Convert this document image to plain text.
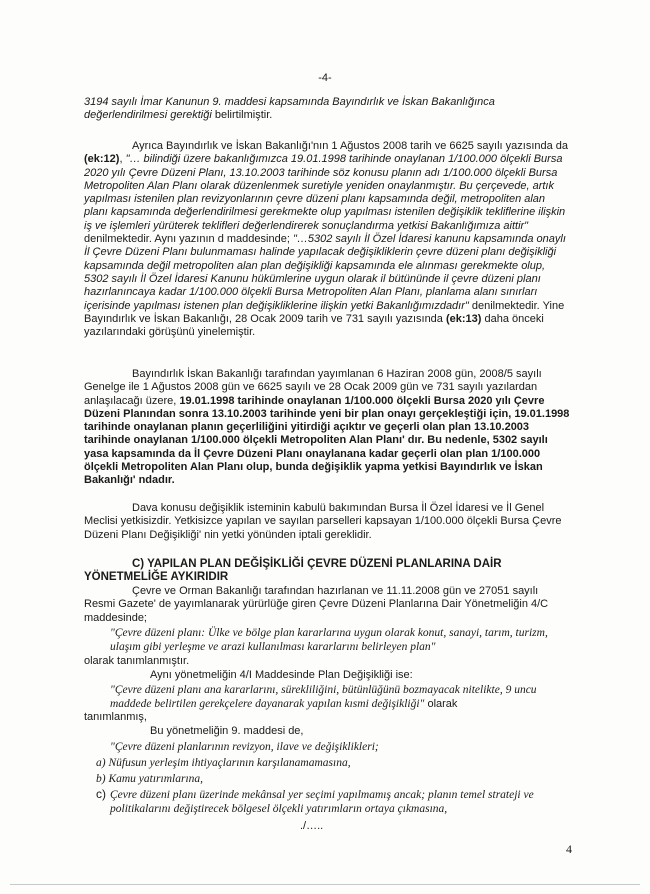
-4-

3194 sayılı İmar Kanunun 9. maddesi kapsamında Bayındırlık ve İskan Bakanlığınca

değerlendirilmesi gerektiği belirtilmiştir.

Ayrıca Bayındırlık ve İskan Bakanlığı'nın 1 Ağustos 2008 tarih ve 6625 sayılı yazısında da (ek:12), "… bilindiği üzere bakanlığımızca 19.01.1998 tarihinde onaylanan 1/100.000 ölçekli Bursa 2020 yılı Çevre Düzeni Planı, 13.10.2003 tarihinde söz konusu planın adı 1/100.000 ölçekli Bursa Metropoliten Alan Planı olarak düzenlenmek suretiyle yeniden onaylanmıştır. Bu çerçevede, artık yapılması istenilen plan revizyonlarının çevre düzeni planı kapsamında değil, metropoliten alan planı kapsamında değerlendirilmesi gerekmekte olup yapılması istenilen değişiklik tekliflerine ilişkin iş ve işlemleri yürüterek teklifleri değerlendirerek sonuçlandırma yetkisi Bakanlığımıza aittir" denilmektedir. Aynı yazının d maddesinde; "…5302 sayılı İl Özel İdaresi kanunu kapsamında onaylı İl Çevre Düzeni Planı bulunmaması halinde yapılacak değişikliklerin çevre düzeni planı değişikliği kapsamında değil metropoliten alan plan değişikliği kapsamında ele alınması gerekmekte olup, 5302 sayılı İl Özel İdaresi Kanunu hükümlerine uygun olarak il bütününde il çevre düzeni planı hazırlanıncaya kadar 1/100.000 ölçekli Bursa Metropoliten Alan Planı, planlama alanı sınırları içerisinde yapılması istenen plan değişikliklerine ilişkin yetki Bakanlığımızdadır" denilmektedir. Yine Bayındırlık ve İskan Bakanlığı, 28 Ocak 2009 tarih ve 731 sayılı yazısında (ek:13) daha önceki yazılarındaki görüşünü yinelemiştir.

Bayındırlık İskan Bakanlığı tarafından yayımlanan 6 Haziran 2008 gün, 2008/5 sayılı Genelge ile 1 Ağustos 2008 gün ve 6625 sayılı ve 28 Ocak 2009 gün ve 731 sayılı yazılardan anlaşılacağı üzere, 19.01.1998 tarihinde onaylanan 1/100.000 ölçekli Bursa 2020 yılı Çevre Düzeni Planından sonra 13.10.2003 tarihinde yeni bir plan onayı gerçekleştiği için, 19.01.1998 tarihinde onaylanan planın geçerliliğini yitirdiği açıktır ve geçerli olan plan 13.10.2003 tarihinde onaylanan 1/100.000 ölçekli Metropoliten Alan Planı' dır. Bu nedenle, 5302 sayılı yasa kapsamında da İl Çevre Düzeni Planı onaylanana kadar geçerli olan plan 1/100.000 ölçekli Metropoliten Alan Planı olup, bunda değişiklik yapma yetkisi Bayındırlık ve İskan Bakanlığı' ndadır.

Dava konusu değişiklik isteminin kabulü bakımından Bursa İl Özel İdaresi ve İl Genel Meclisi yetkisizdir. Yetkisizce yapılan ve sayılan parselleri kapsayan 1/100.000 ölçekli Bursa Çevre Düzeni Planı Değişikliği' nin yetki yönünden iptali gereklidir.

C) YAPILAN PLAN DEĞİŞİKLİĞİ ÇEVRE DÜZENİ PLANLARINA DAİR YÖNETMELİĞE AYKIRIDIR

Çevre ve Orman Bakanlığı tarafından hazırlanan ve 11.11.2008 gün ve 27051 sayılı Resmi Gazete' de yayımlanarak yürürlüğe giren Çevre Düzeni Planlarına Dair Yönetmeliğin 4/C maddesinde;

"Çevre düzeni planı: Ülke ve bölge plan kararlarına uygun olarak konut, sanayi, tarım, turizm, ulaşım gibi yerleşme ve arazi kullanılması kararlarını belirleyen plan"

olarak tanımlanmıştır.

Aynı yönetmeliğin 4/I Maddesinde Plan Değişikliği ise:

"Çevre düzeni planı ana kararlarını, sürekliliğini, bütünlüğünü bozmayacak nitelikte, 9 uncu maddede belirtilen gerekçelere dayanarak yapılan kısmi değişikliği" olarak

tanımlanmış,

Bu yönetmeliğin 9. maddesi de,

"Çevre düzeni planlarının revizyon, ilave ve değişiklikleri;

a) Nüfusun yerleşim ihtiyaçlarının karşılanamamasına,

b) Kamu yatırımlarına,

c) Çevre düzeni planı üzerinde mekânsal yer seçimi yapılmamış ancak; planın temel strateji ve politikalarını değiştirecek bölgesel ölçekli yatırımların ortaya çıkmasına,

./…..

4
